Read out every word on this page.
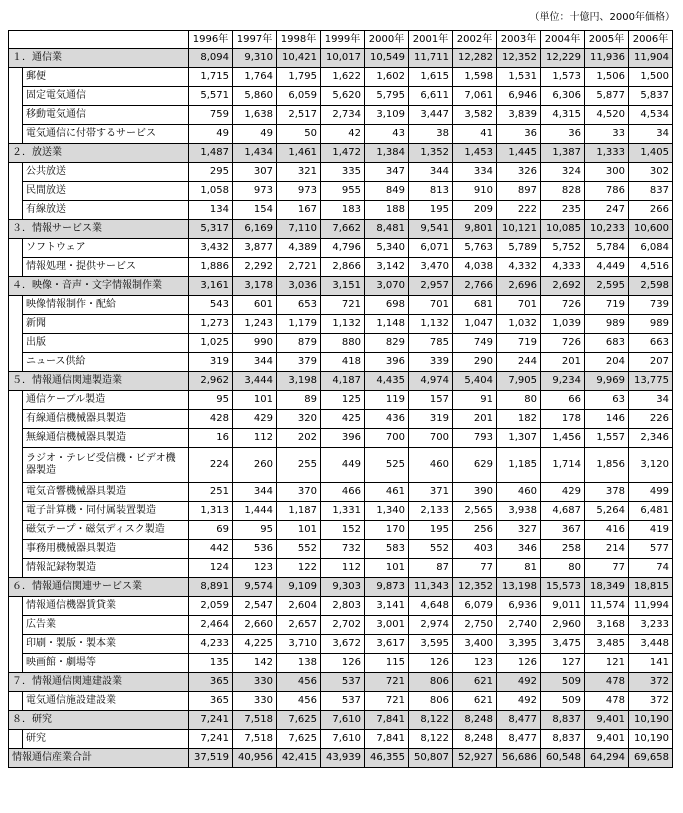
（単位：十億円、2000年価格）
		1996年	1997年	1998年	1999年	2000年	2001年	2002年	2003年	2004年	2005年	2006年
１．通信業		8,094	9,310	10,421	10,017	10,549	11,711	12,282	12,352	12,229	11,936	11,904
	郵便	1,715	1,764	1,795	1,622	1,602	1,615	1,598	1,531	1,573	1,506	1,500
	固定電気通信	5,571	5,860	6,059	5,620	5,795	6,611	7,061	6,946	6,306	5,877	5,837
	移動電気通信	759	1,638	2,517	2,734	3,109	3,447	3,582	3,839	4,315	4,520	4,534
	電気通信に付帯するサービス	49	49	50	42	43	38	41	36	36	33	34
２．放送業		1,487	1,434	1,461	1,472	1,384	1,352	1,453	1,445	1,387	1,333	1,405
	公共放送	295	307	321	335	347	344	334	326	324	300	302
	民間放送	1,058	973	973	955	849	813	910	897	828	786	837
	有線放送	134	154	167	183	188	195	209	222	235	247	266
３．情報サービス業		5,317	6,169	7,110	7,662	8,481	9,541	9,801	10,121	10,085	10,233	10,600
	ソフトウェア	3,432	3,877	4,389	4,796	5,340	6,071	5,763	5,789	5,752	5,784	6,084
	情報処理・提供サービス	1,886	2,292	2,721	2,866	3,142	3,470	4,038	4,332	4,333	4,449	4,516
４．映像・音声・文字情報制作業		3,161	3,178	3,036	3,151	3,070	2,957	2,766	2,696	2,692	2,595	2,598
	映像情報制作・配給	543	601	653	721	698	701	681	701	726	719	739
	新聞	1,273	1,243	1,179	1,132	1,148	1,132	1,047	1,032	1,039	989	989
	出版	1,025	990	879	880	829	785	749	719	726	683	663
	ニュース供給	319	344	379	418	396	339	290	244	201	204	207
５．情報通信関連製造業		2,962	3,444	3,198	4,187	4,435	4,974	5,404	7,905	9,234	9,969	13,775
	通信ケーブル製造	95	101	89	125	119	157	91	80	66	63	34
	有線通信機械器具製造	428	429	320	425	436	319	201	182	178	146	226
	無線通信機械器具製造	16	112	202	396	700	700	793	1,307	1,456	1,557	2,346
	ラジオ・テレビ受信機・ビデオ機器製造	224	260	255	449	525	460	629	1,185	1,714	1,856	3,120
	電気音響機械器具製造	251	344	370	466	461	371	390	460	429	378	499
	電子計算機・同付属装置製造	1,313	1,444	1,187	1,331	1,340	2,133	2,565	3,938	4,687	5,264	6,481
	磁気テープ・磁気ディスク製造	69	95	101	152	170	195	256	327	367	416	419
	事務用機械器具製造	442	536	552	732	583	552	403	346	258	214	577
	情報記録物製造	124	123	122	112	101	87	77	81	80	77	74
６．情報通信関連サービス業		8,891	9,574	9,109	9,303	9,873	11,343	12,352	13,198	15,573	18,349	18,815
	情報通信機器賃貸業	2,059	2,547	2,604	2,803	3,141	4,648	6,079	6,936	9,011	11,574	11,994
	広告業	2,464	2,660	2,657	2,702	3,001	2,974	2,750	2,740	2,960	3,168	3,233
	印刷・製版・製本業	4,233	4,225	3,710	3,672	3,617	3,595	3,400	3,395	3,475	3,485	3,448
	映画館・劇場等	135	142	138	126	115	126	123	126	127	121	141
７．情報通信関連建設業		365	330	456	537	721	806	621	492	509	478	372
	電気通信施設建設業	365	330	456	537	721	806	621	492	509	478	372
８．研究		7,241	7,518	7,625	7,610	7,841	8,122	8,248	8,477	8,837	9,401	10,190
	研究	7,241	7,518	7,625	7,610	7,841	8,122	8,248	8,477	8,837	9,401	10,190
情報通信産業合計		37,519	40,956	42,415	43,939	46,355	50,807	52,927	56,686	60,548	64,294	69,658
